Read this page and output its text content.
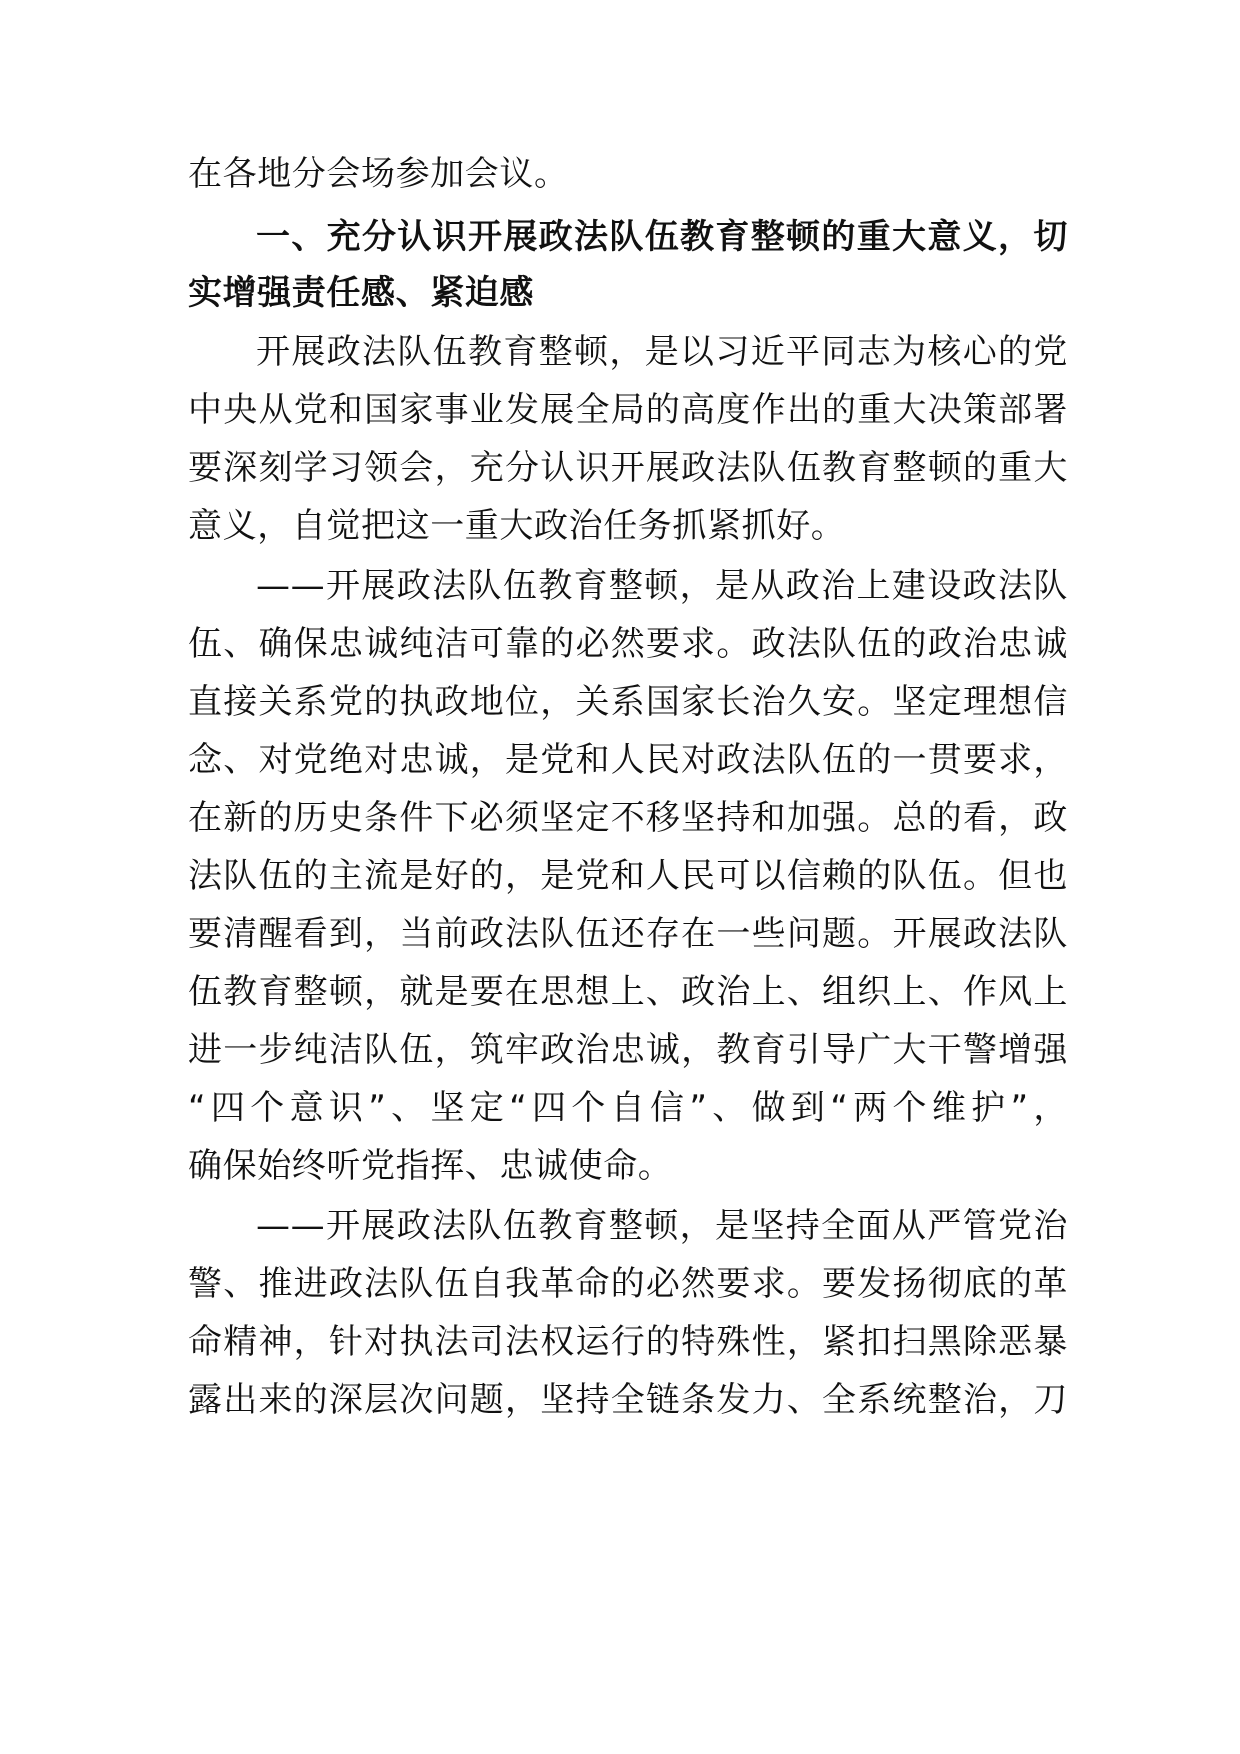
在各地分会场参加会议。
一、充分认识开展政法队伍教育整顿的重大意义，切
实增强责任感、紧迫感
开展政法队伍教育整顿，是以习近平同志为核心的党
中央从党和国家事业发展全局的高度作出的重大决策部署
要深刻学习领会，充分认识开展政法队伍教育整顿的重大
意义，自觉把这一重大政治任务抓紧抓好。
——开展政法队伍教育整顿，是从政治上建设政法队
伍、确保忠诚纯洁可靠的必然要求。政法队伍的政治忠诚
直接关系党的执政地位，关系国家长治久安。坚定理想信
念、对党绝对忠诚，是党和人民对政法队伍的一贯要求，
在新的历史条件下必须坚定不移坚持和加强。总的看，政
法队伍的主流是好的，是党和人民可以信赖的队伍。但也
要清醒看到，当前政法队伍还存在一些问题。开展政法队
伍教育整顿，就是要在思想上、政治上、组织上、作风上
进一步纯洁队伍，筑牢政治忠诚，教育引导广大干警增强
“四个意识”、坚定“四个自信”、做到“两个维护”，
确保始终听党指挥、忠诚使命。
——开展政法队伍教育整顿，是坚持全面从严管党治
警、推进政法队伍自我革命的必然要求。要发扬彻底的革
命精神，针对执法司法权运行的特殊性，紧扣扫黑除恶暴
露出来的深层次问题，坚持全链条发力、全系统整治，刀
